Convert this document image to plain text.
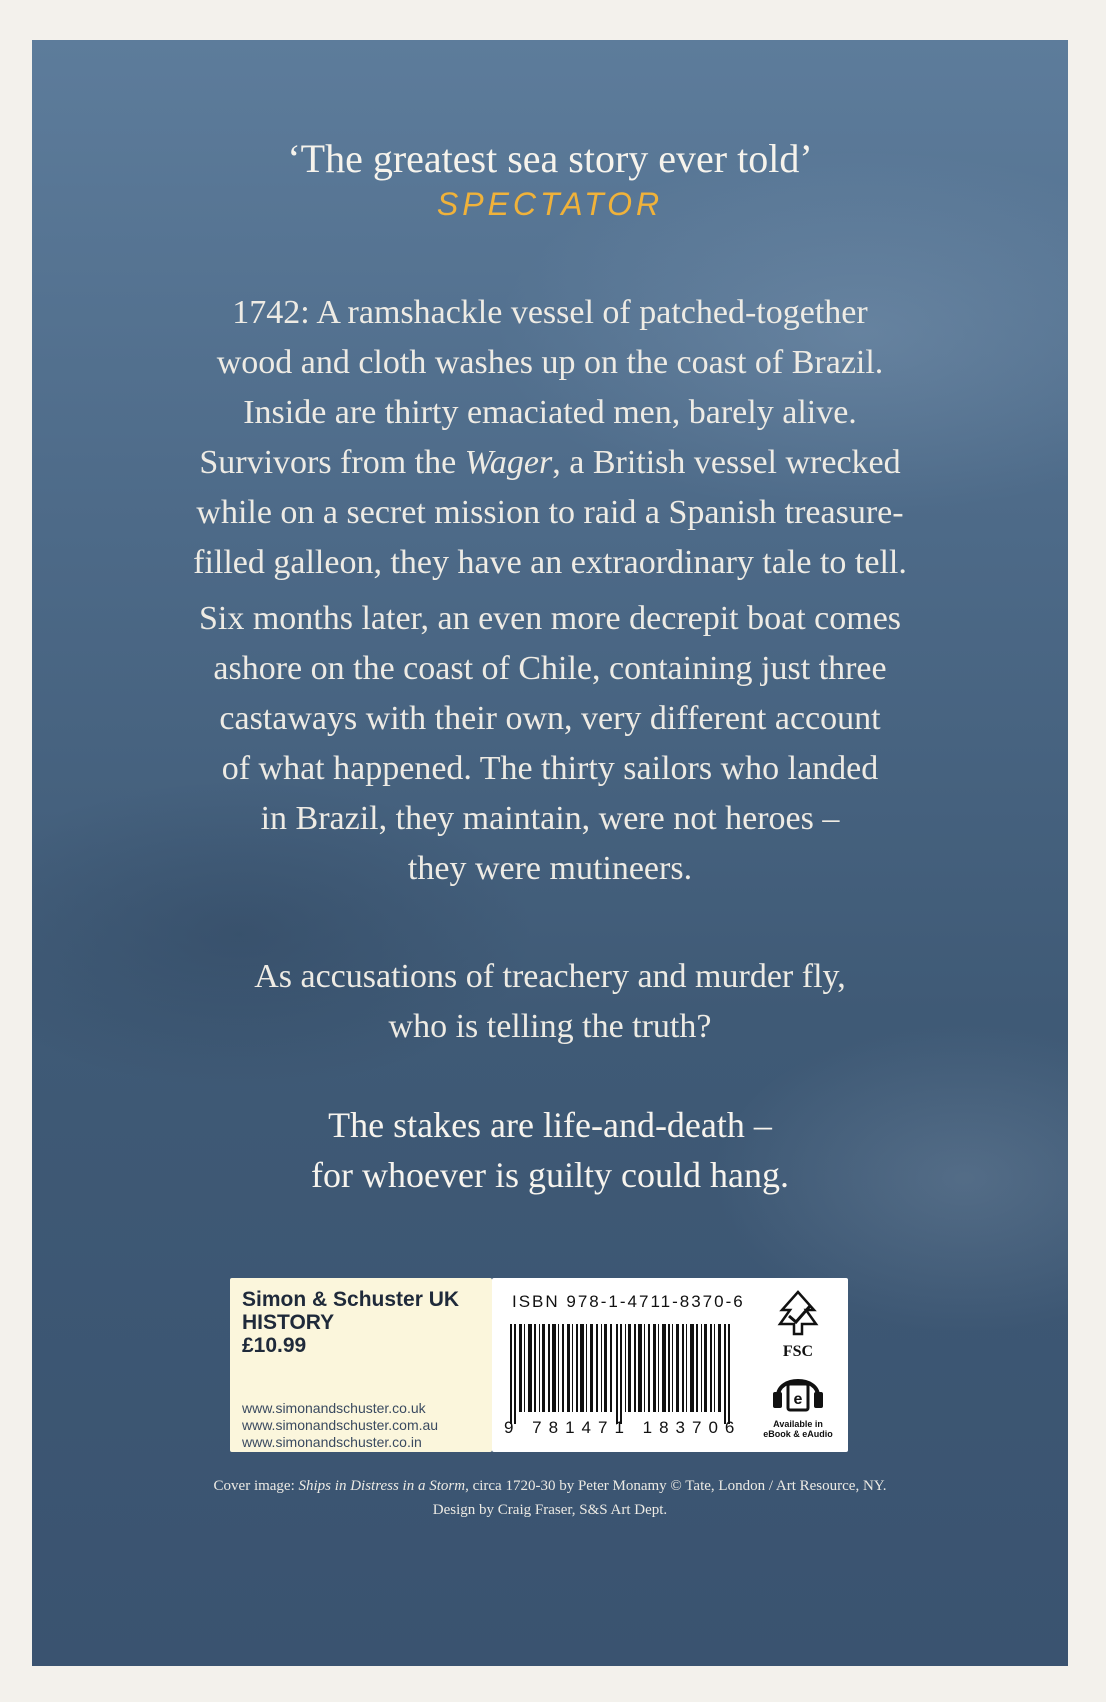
‘The greatest sea story ever told’
SPECTATOR
1742: A ramshackle vessel of patched-together
wood and cloth washes up on the coast of Brazil.
Inside are thirty emaciated men, barely alive.
Survivors from the Wager, a British vessel wrecked
while on a secret mission to raid a Spanish treasure-
filled galleon, they have an extraordinary tale to tell.
Six months later, an even more decrepit boat comes
ashore on the coast of Chile, containing just three
castaways with their own, very different account
of what happened. The thirty sailors who landed
in Brazil, they maintain, were not heroes –
they were mutineers.
As accusations of treachery and murder fly,
who is telling the truth?
The stakes are life-and-death –
for whoever is guilty could hang.
Simon & Schuster UK
HISTORY
£10.99
www.simonandschuster.co.uk
www.simonandschuster.com.au
www.simonandschuster.co.in
ISBN 978-1-4711-8370-6
9 781471 183706
FSC
e
Available in
eBook & eAudio
Cover image: Ships in Distress in a Storm, circa 1720-30 by Peter Monamy © Tate, London / Art Resource, NY.
Design by Craig Fraser, S&S Art Dept.
